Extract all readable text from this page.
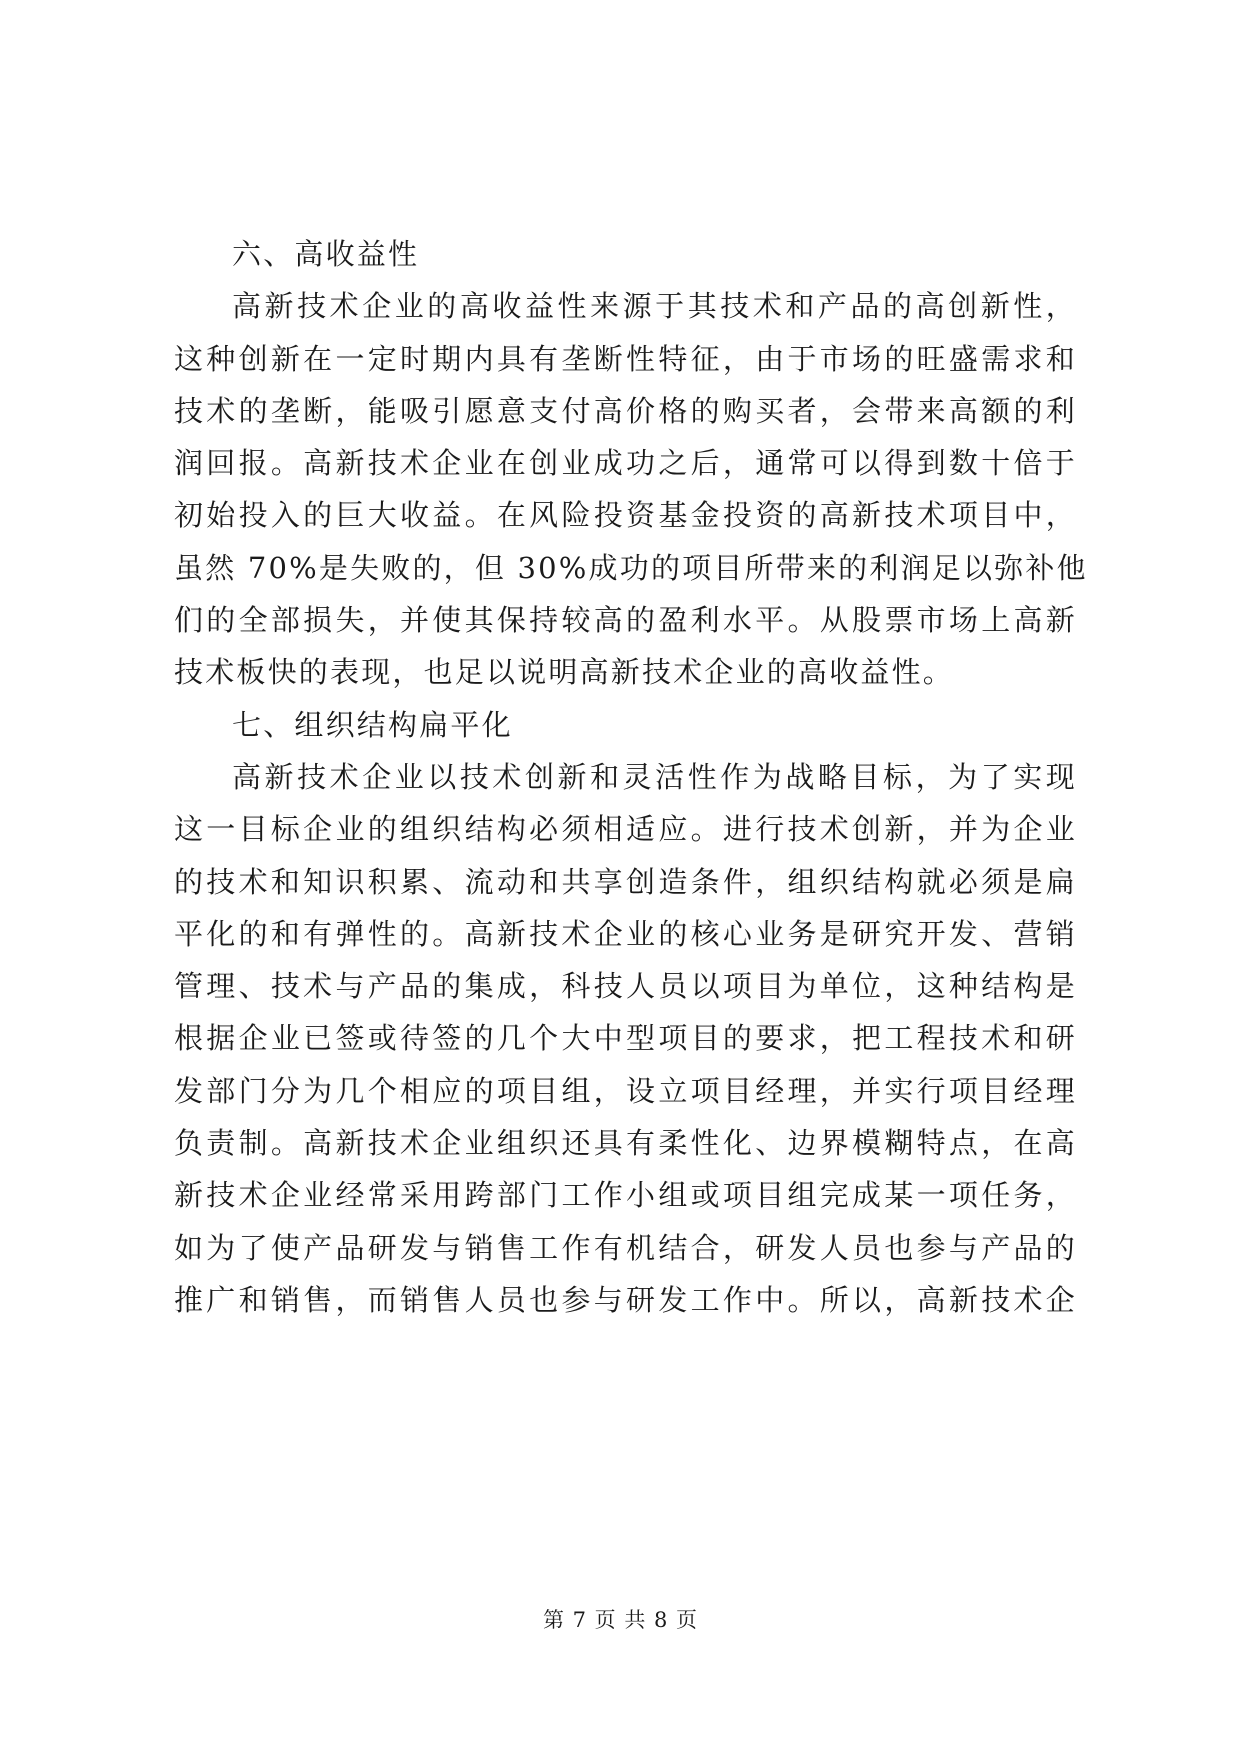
六、高收益性
高新技术企业的高收益性来源于其技术和产品的高创新性，
这种创新在一定时期内具有垄断性特征，由于市场的旺盛需求和
技术的垄断，能吸引愿意支付高价格的购买者，会带来高额的利
润回报。高新技术企业在创业成功之后，通常可以得到数十倍于
初始投入的巨大收益。在风险投资基金投资的高新技术项目中，
虽然 70%是失败的，但 30%成功的项目所带来的利润足以弥补他
们的全部损失，并使其保持较高的盈利水平。从股票市场上高新
技术板快的表现，也足以说明高新技术企业的高收益性。
七、组织结构扁平化
高新技术企业以技术创新和灵活性作为战略目标，为了实现
这一目标企业的组织结构必须相适应。进行技术创新，并为企业
的技术和知识积累、流动和共享创造条件，组织结构就必须是扁
平化的和有弹性的。高新技术企业的核心业务是研究开发、营销
管理、技术与产品的集成，科技人员以项目为单位，这种结构是
根据企业已签或待签的几个大中型项目的要求，把工程技术和研
发部门分为几个相应的项目组，设立项目经理，并实行项目经理
负责制。高新技术企业组织还具有柔性化、边界模糊特点，在高
新技术企业经常采用跨部门工作小组或项目组完成某一项任务，
如为了使产品研发与销售工作有机结合，研发人员也参与产品的
推广和销售，而销售人员也参与研发工作中。所以，高新技术企
第 7 页 共 8 页
